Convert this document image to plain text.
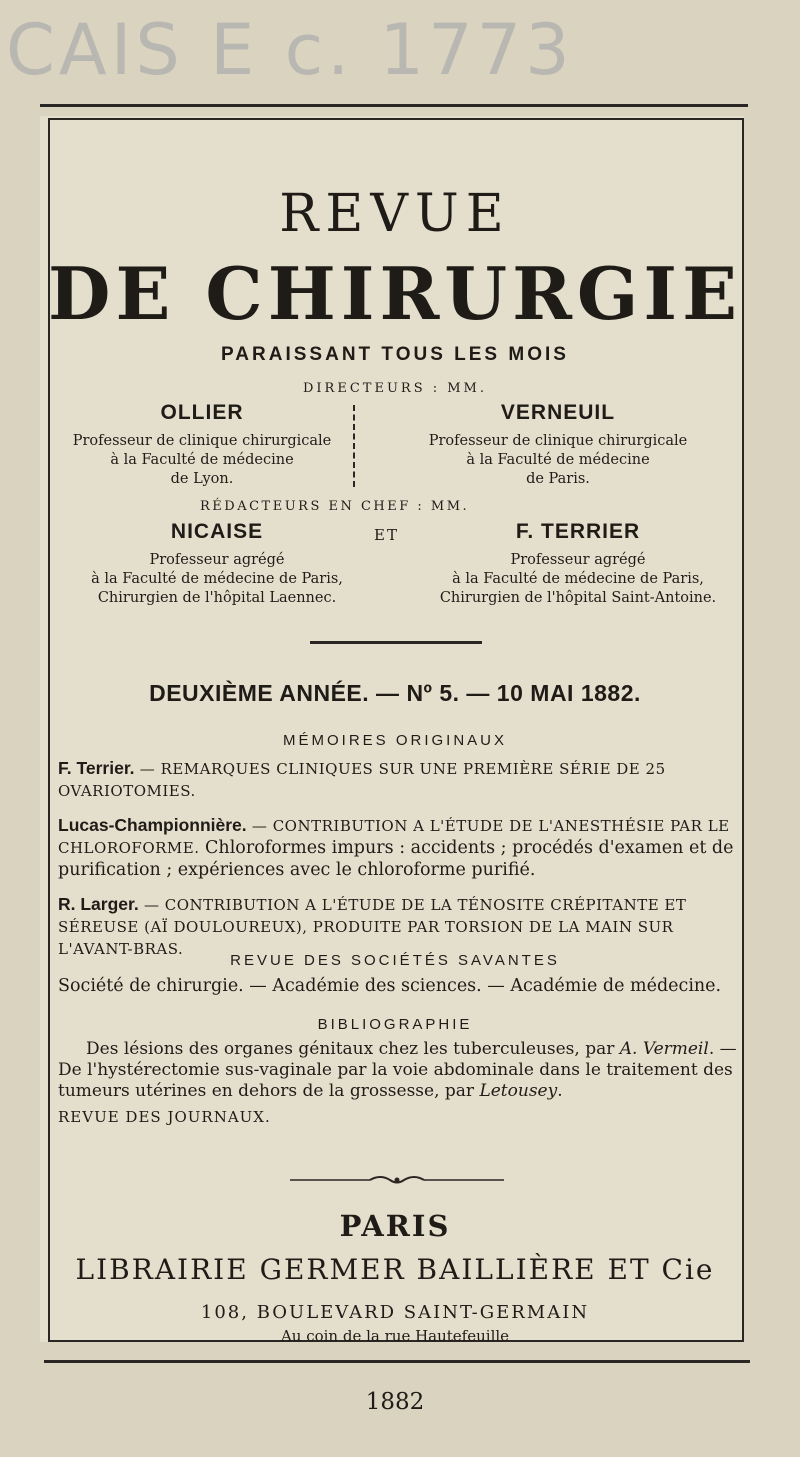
CAIS E c. 1773
REVUE
DE CHIRURGIE
PARAISSANT TOUS LES MOIS
DIRECTEURS : MM.
OLLIER
Professeur de clinique chirurgicale
à la Faculté de médecine
de Lyon.
VERNEUIL
Professeur de clinique chirurgicale
à la Faculté de médecine
de Paris.
RÉDACTEURS EN CHEF : MM.
NICAISE
Professeur agrégé
à la Faculté de médecine de Paris,
Chirurgien de l'hôpital Laennec.
ET	F. TERRIER
Professeur agrégé
à la Faculté de médecine de Paris,
Chirurgien de l'hôpital Saint-Antoine.
DEUXIÈME ANNÉE. — Nº 5. — 10 MAI 1882.
MÉMOIRES ORIGINAUX
F. Terrier. — REMARQUES CLINIQUES SUR UNE PREMIÈRE SÉRIE DE 25 OVARIOTOMIES.
Lucas-Championnière. — CONTRIBUTION A L'ÉTUDE DE L'ANESTHÉSIE PAR LE CHLOROFORME. Chloroformes impurs : accidents ; procédés d'examen et de purification ; expériences avec le chloroforme purifié.
R. Larger. — CONTRIBUTION A L'ÉTUDE DE LA TÉNOSITE CRÉPITANTE ET SÉREUSE (AÏ DOULOUREUX), PRODUITE PAR TORSION DE LA MAIN SUR L'AVANT-BRAS.
REVUE DES SOCIÉTÉS SAVANTES
Société de chirurgie. — Académie des sciences. — Académie de médecine.
BIBLIOGRAPHIE
Des lésions des organes génitaux chez les tuberculeuses, par A. Vermeil. — De l'hystérectomie sus-vaginale par la voie abdominale dans le traitement des tumeurs utérines en dehors de la grossesse, par Letousey.
REVUE DES JOURNAUX.
PARIS
LIBRAIRIE GERMER BAILLIÈRE ET Cie
108, BOULEVARD SAINT-GERMAIN
Au coin de la rue Hautefeuille
1882
